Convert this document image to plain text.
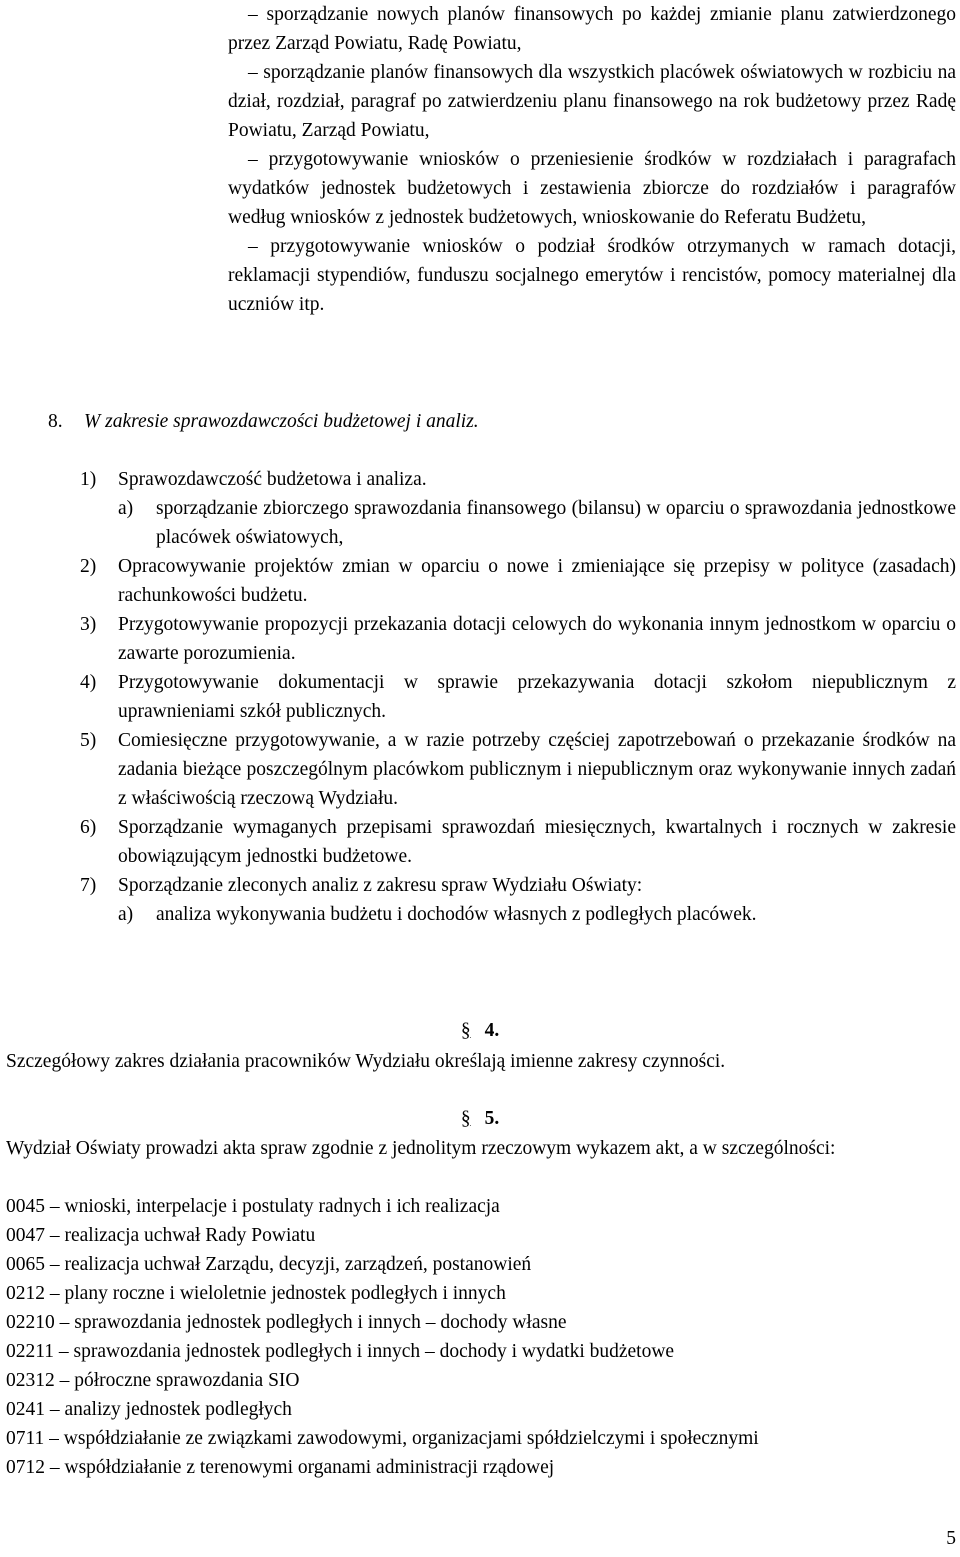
– sporządzanie nowych planów finansowych po każdej zmianie planu zatwierdzonego przez Zarząd Powiatu, Radę Powiatu,

– sporządzanie planów finansowych dla wszystkich placówek oświatowych w rozbiciu na dział, rozdział, paragraf po zatwierdzeniu planu finansowego na rok budżetowy przez Radę Powiatu, Zarząd Powiatu,

– przygotowywanie wniosków o przeniesienie środków w rozdziałach i paragrafach wydatków jednostek budżetowych i zestawienia zbiorcze do rozdziałów i paragrafów według wniosków z jednostek budżetowych, wnioskowanie do Referatu Budżetu,

– przygotowywanie wniosków o podział środków otrzymanych w ramach dotacji, reklamacji stypendiów, funduszu socjalnego emerytów i rencistów, pomocy materialnej dla uczniów itp.

8. W zakresie sprawozdawczości budżetowej i analiz.
1) Sprawozdawczość budżetowa i analiza.
a) sporządzanie zbiorczego sprawozdania finansowego (bilansu) w oparciu o sprawozdania jednostkowe placówek oświatowych,
2) Opracowywanie projektów zmian w oparciu o nowe i zmieniające się przepisy w polityce (zasadach) rachunkowości budżetu.
3) Przygotowywanie propozycji przekazania dotacji celowych do wykonania innym jednostkom w oparciu o zawarte porozumienia.
4) Przygotowywanie dokumentacji w sprawie przekazywania dotacji szkołom niepublicznym z uprawnieniami szkół publicznych.
5) Comiesięczne przygotowywanie, a w razie potrzeby częściej zapotrzebowań o przekazanie środków na zadania bieżące poszczególnym placówkom publicznym i niepublicznym oraz wykonywanie innych zadań z właściwością rzeczową Wydziału.
6) Sporządzanie wymaganych przepisami sprawozdań miesięcznych, kwartalnych i rocznych w zakresie obowiązującym jednostki budżetowe.
7) Sporządzanie zleconych analiz z zakresu spraw Wydziału Oświaty:
a) analiza wykonywania budżetu i dochodów własnych z podległych placówek.
§ 4.
Szczegółowy zakres działania pracowników Wydziału określają imienne zakresy czynności.
§ 5.
Wydział Oświaty prowadzi akta spraw zgodnie z jednolitym rzeczowym wykazem akt, a w szczególności:
0045 – wnioski, interpelacje i postulaty radnych i ich realizacja
0047 – realizacja uchwał Rady Powiatu
0065 – realizacja uchwał Zarządu, decyzji, zarządzeń, postanowień
0212 – plany roczne i wieloletnie jednostek podległych i innych
02210 – sprawozdania jednostek podległych i innych – dochody własne
02211 – sprawozdania jednostek podległych i innych – dochody i wydatki budżetowe
02312 – półroczne sprawozdania SIO
0241 – analizy jednostek podległych
0711 – współdziałanie ze związkami zawodowymi, organizacjami spółdzielczymi i społecznymi
0712 – współdziałanie z terenowymi organami administracji rządowej
5
